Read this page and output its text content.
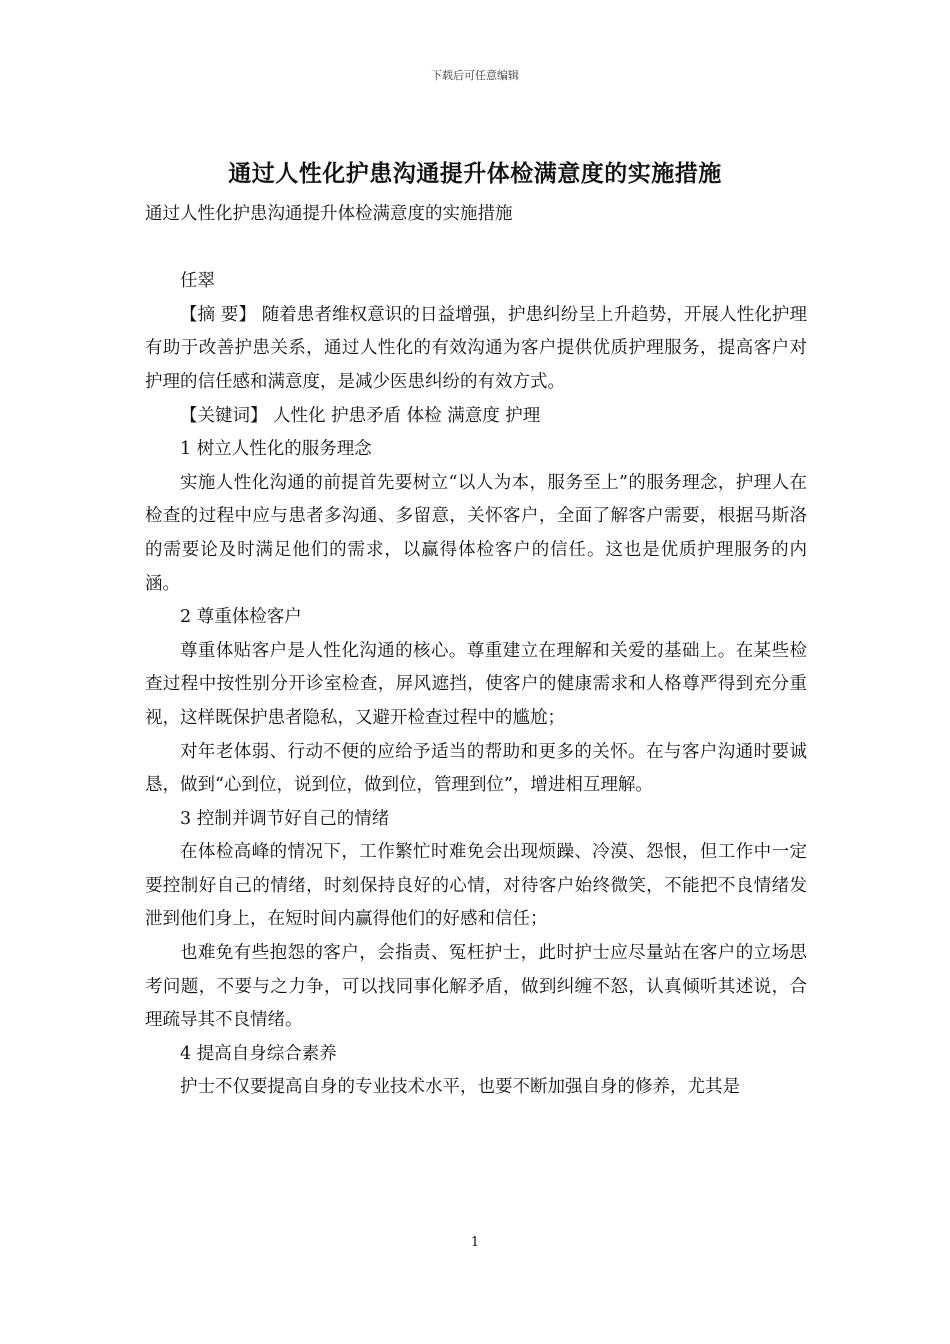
下载后可任意编辑
通过人性化护患沟通提升体检满意度的实施措施

通过人性化护患沟通提升体检满意度的实施措施

任翠

【摘 要】 随着患者维权意识的日益增强，护患纠纷呈上升趋势，开展人性化护理有助于改善护患关系，通过人性化的有效沟通为客户提供优质护理服务，提高客户对护理的信任感和满意度，是减少医患纠纷的有效方式。

【关键词】 人性化 护患矛盾 体检 满意度 护理

1 树立人性化的服务理念

实施人性化沟通的前提首先要树立“以人为本，服务至上”的服务理念，护理人在检查的过程中应与患者多沟通、多留意，关怀客户，全面了解客户需要，根据马斯洛的需要论及时满足他们的需求，以赢得体检客户的信任。这也是优质护理服务的内涵。

2 尊重体检客户

尊重体贴客户是人性化沟通的核心。尊重建立在理解和关爱的基础上。在某些检查过程中按性别分开诊室检查，屏风遮挡，使客户的健康需求和人格尊严得到充分重视，这样既保护患者隐私，又避开检查过程中的尴尬；

对年老体弱、行动不便的应给予适当的帮助和更多的关怀。在与客户沟通时要诚恳，做到“心到位，说到位，做到位，管理到位”，增进相互理解。

3 控制并调节好自己的情绪

在体检高峰的情况下，工作繁忙时难免会出现烦躁、冷漠、怨恨，但工作中一定要控制好自己的情绪，时刻保持良好的心情，对待客户始终微笑，不能把不良情绪发泄到他们身上，在短时间内赢得他们的好感和信任；

也难免有些抱怨的客户，会指责、冤枉护士，此时护士应尽量站在客户的立场思考问题，不要与之力争，可以找同事化解矛盾，做到纠缠不怒，认真倾听其述说，合理疏导其不良情绪。

4 提高自身综合素养

护士不仅要提高自身的专业技术水平，也要不断加强自身的修养，尤其是

1
